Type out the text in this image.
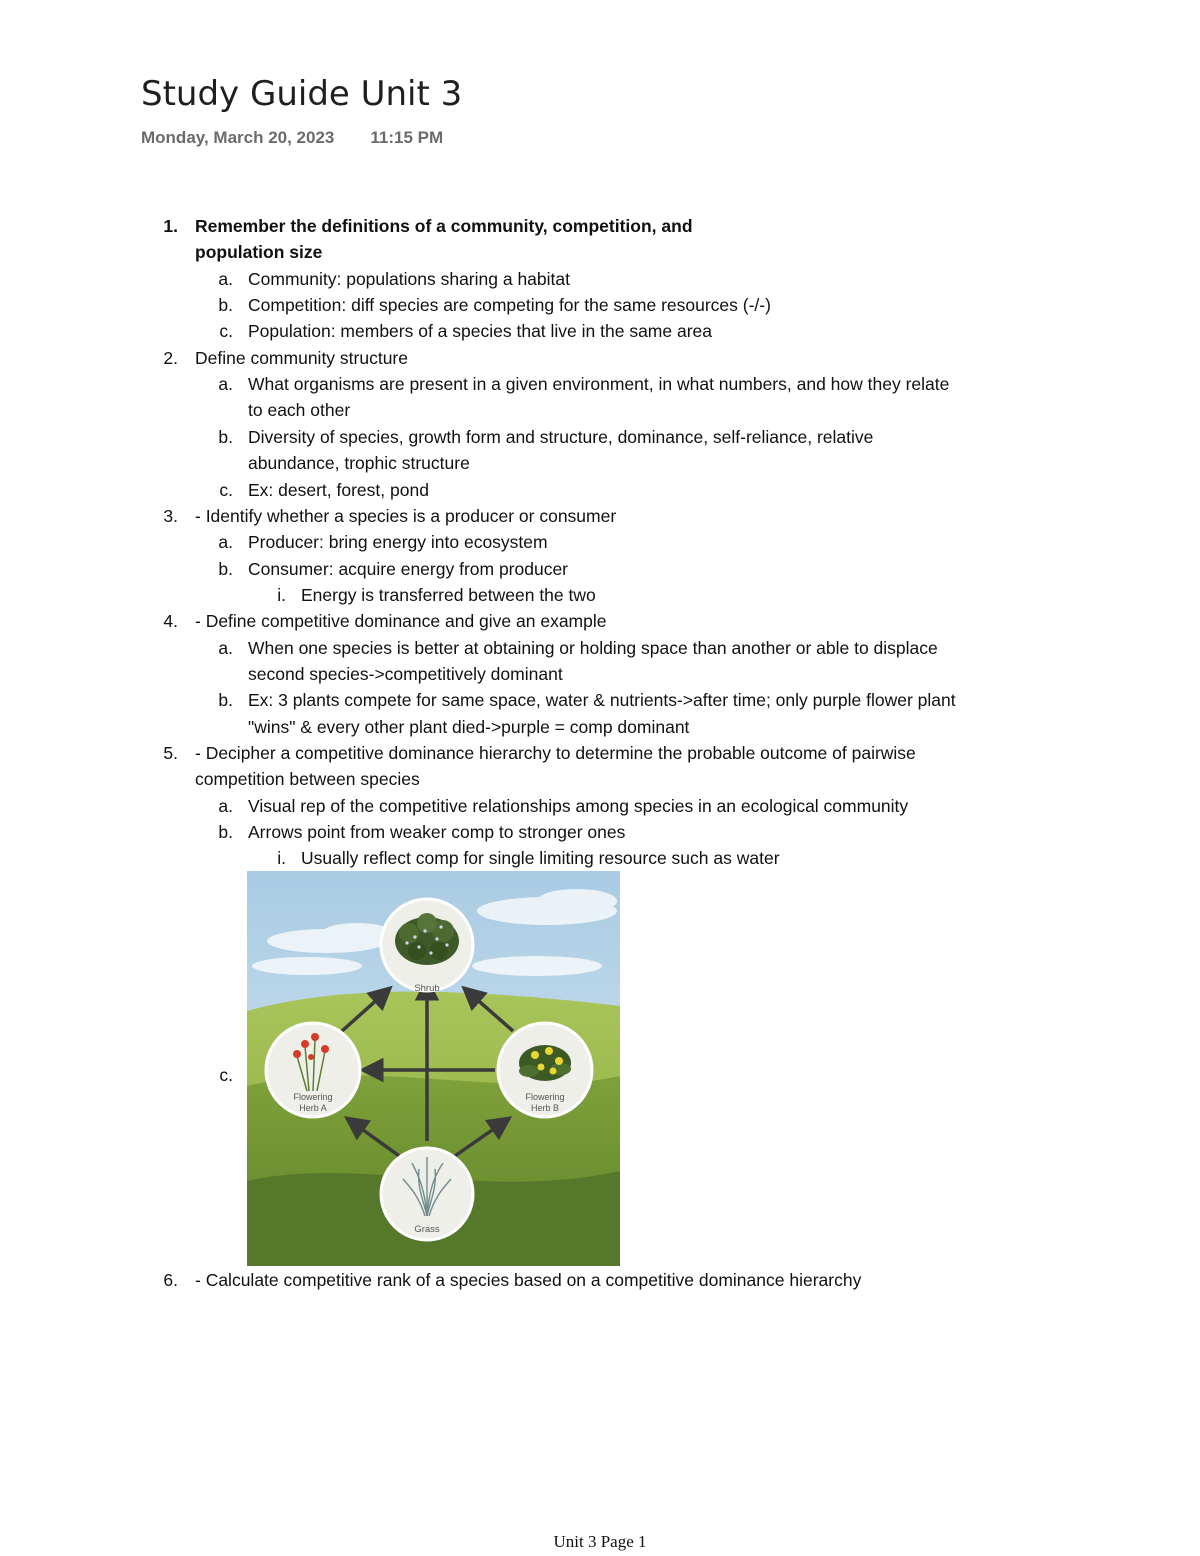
Study Guide Unit 3
Monday, March 20, 2023 11:15 PM
1. Remember the definitions of a community, competition, and
population size
a. Community: populations sharing a habitat
b. Competition: diff species are competing for the same resources (-/-)
c. Population: members of a species that live in the same area
2. Define community structure
a. What organisms are present in a given environment, in what numbers, and how they relate
to each other
b. Diversity of species, growth form and structure, dominance, self-reliance, relative
abundance, trophic structure
c. Ex: desert, forest, pond
3. - Identify whether a species is a producer or consumer
a. Producer: bring energy into ecosystem
b. Consumer: acquire energy from producer
i. Energy is transferred between the two
4. - Define competitive dominance and give an example
a. When one species is better at obtaining or holding space than another or able to displace
second species->competitively dominant
b. Ex: 3 plants compete for same space, water & nutrients->after time; only purple flower plant
"wins" & every other plant died->purple = comp dominant
5. - Decipher a competitive dominance hierarchy to determine the probable outcome of pairwise
competition between species
a. Visual rep of the competitive relationships among species in an ecological community
b. Arrows point from weaker comp to stronger ones
i. Usually reflect comp for single limiting resource such as water
c.
Shrub
Flowering
Herb A
Flowering
Herb B
Grass
6. - Calculate competitive rank of a species based on a competitive dominance hierarchy
Unit 3 Page 1
